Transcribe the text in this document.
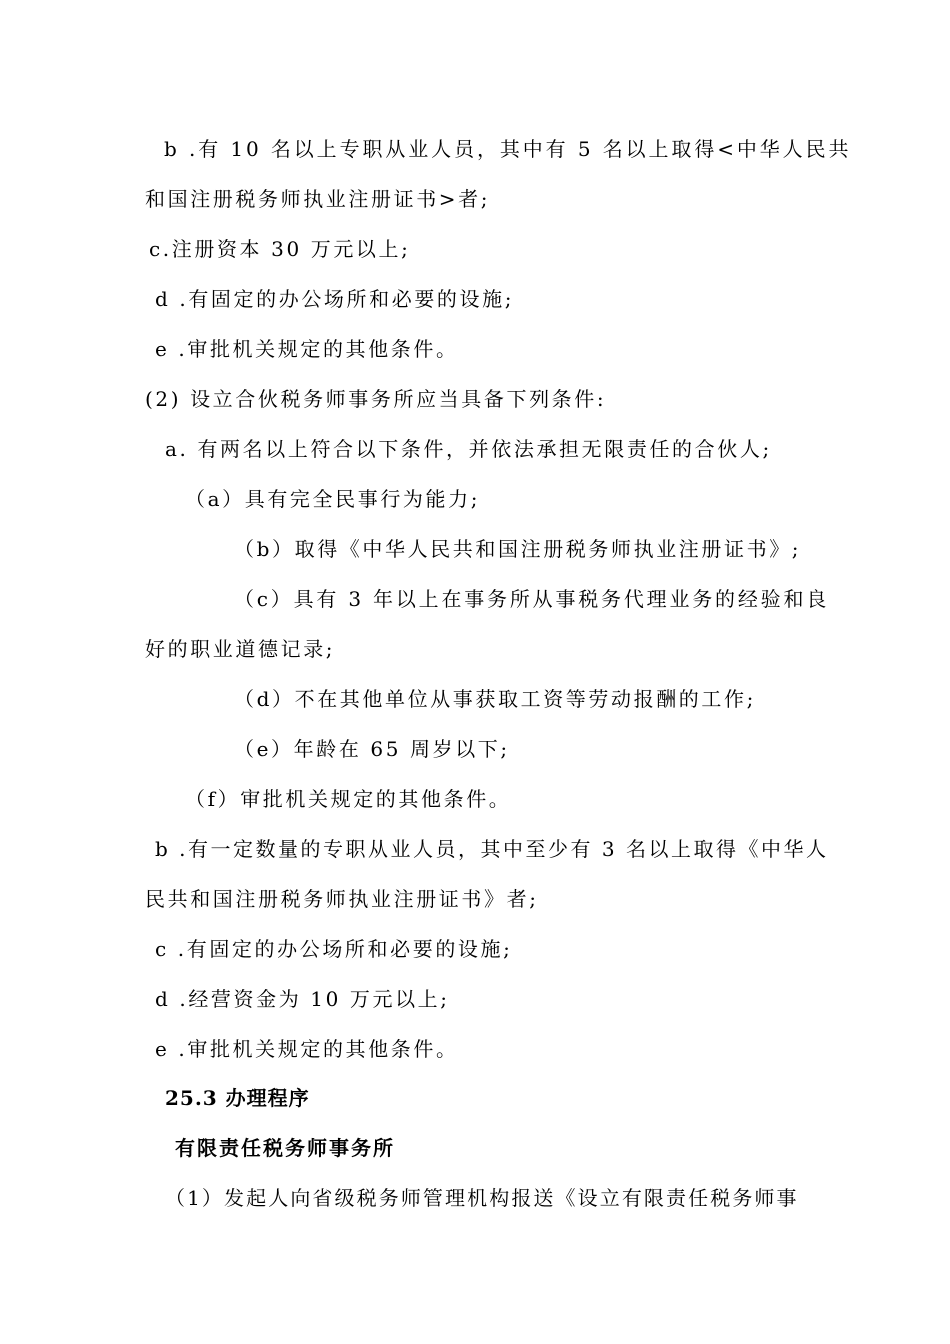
b .有 10 名以上专职从业人员，其中有 5 名以上取得<中华人民共
和国注册税务师执业注册证书>者;
c.注册资本 30 万元以上;
d .有固定的办公场所和必要的设施;
e .审批机关规定的其他条件。
(2) 设立合伙税务师事务所应当具备下列条件:
a. 有两名以上符合以下条件，并依法承担无限责任的合伙人;
（a）具有完全民事行为能力;
（b）取得《中华人民共和国注册税务师执业注册证书》;
（c）具有 3 年以上在事务所从事税务代理业务的经验和良
好的职业道德记录;
（d）不在其他单位从事获取工资等劳动报酬的工作;
（e）年龄在 65 周岁以下;
（f）审批机关规定的其他条件。
b .有一定数量的专职从业人员，其中至少有 3 名以上取得《中华人
民共和国注册税务师执业注册证书》者;
c .有固定的办公场所和必要的设施;
d .经营资金为 10 万元以上;
e .审批机关规定的其他条件。
25.3 办理程序
有限责任税务师事务所
（1）发起人向省级税务师管理机构报送《设立有限责任税务师事
